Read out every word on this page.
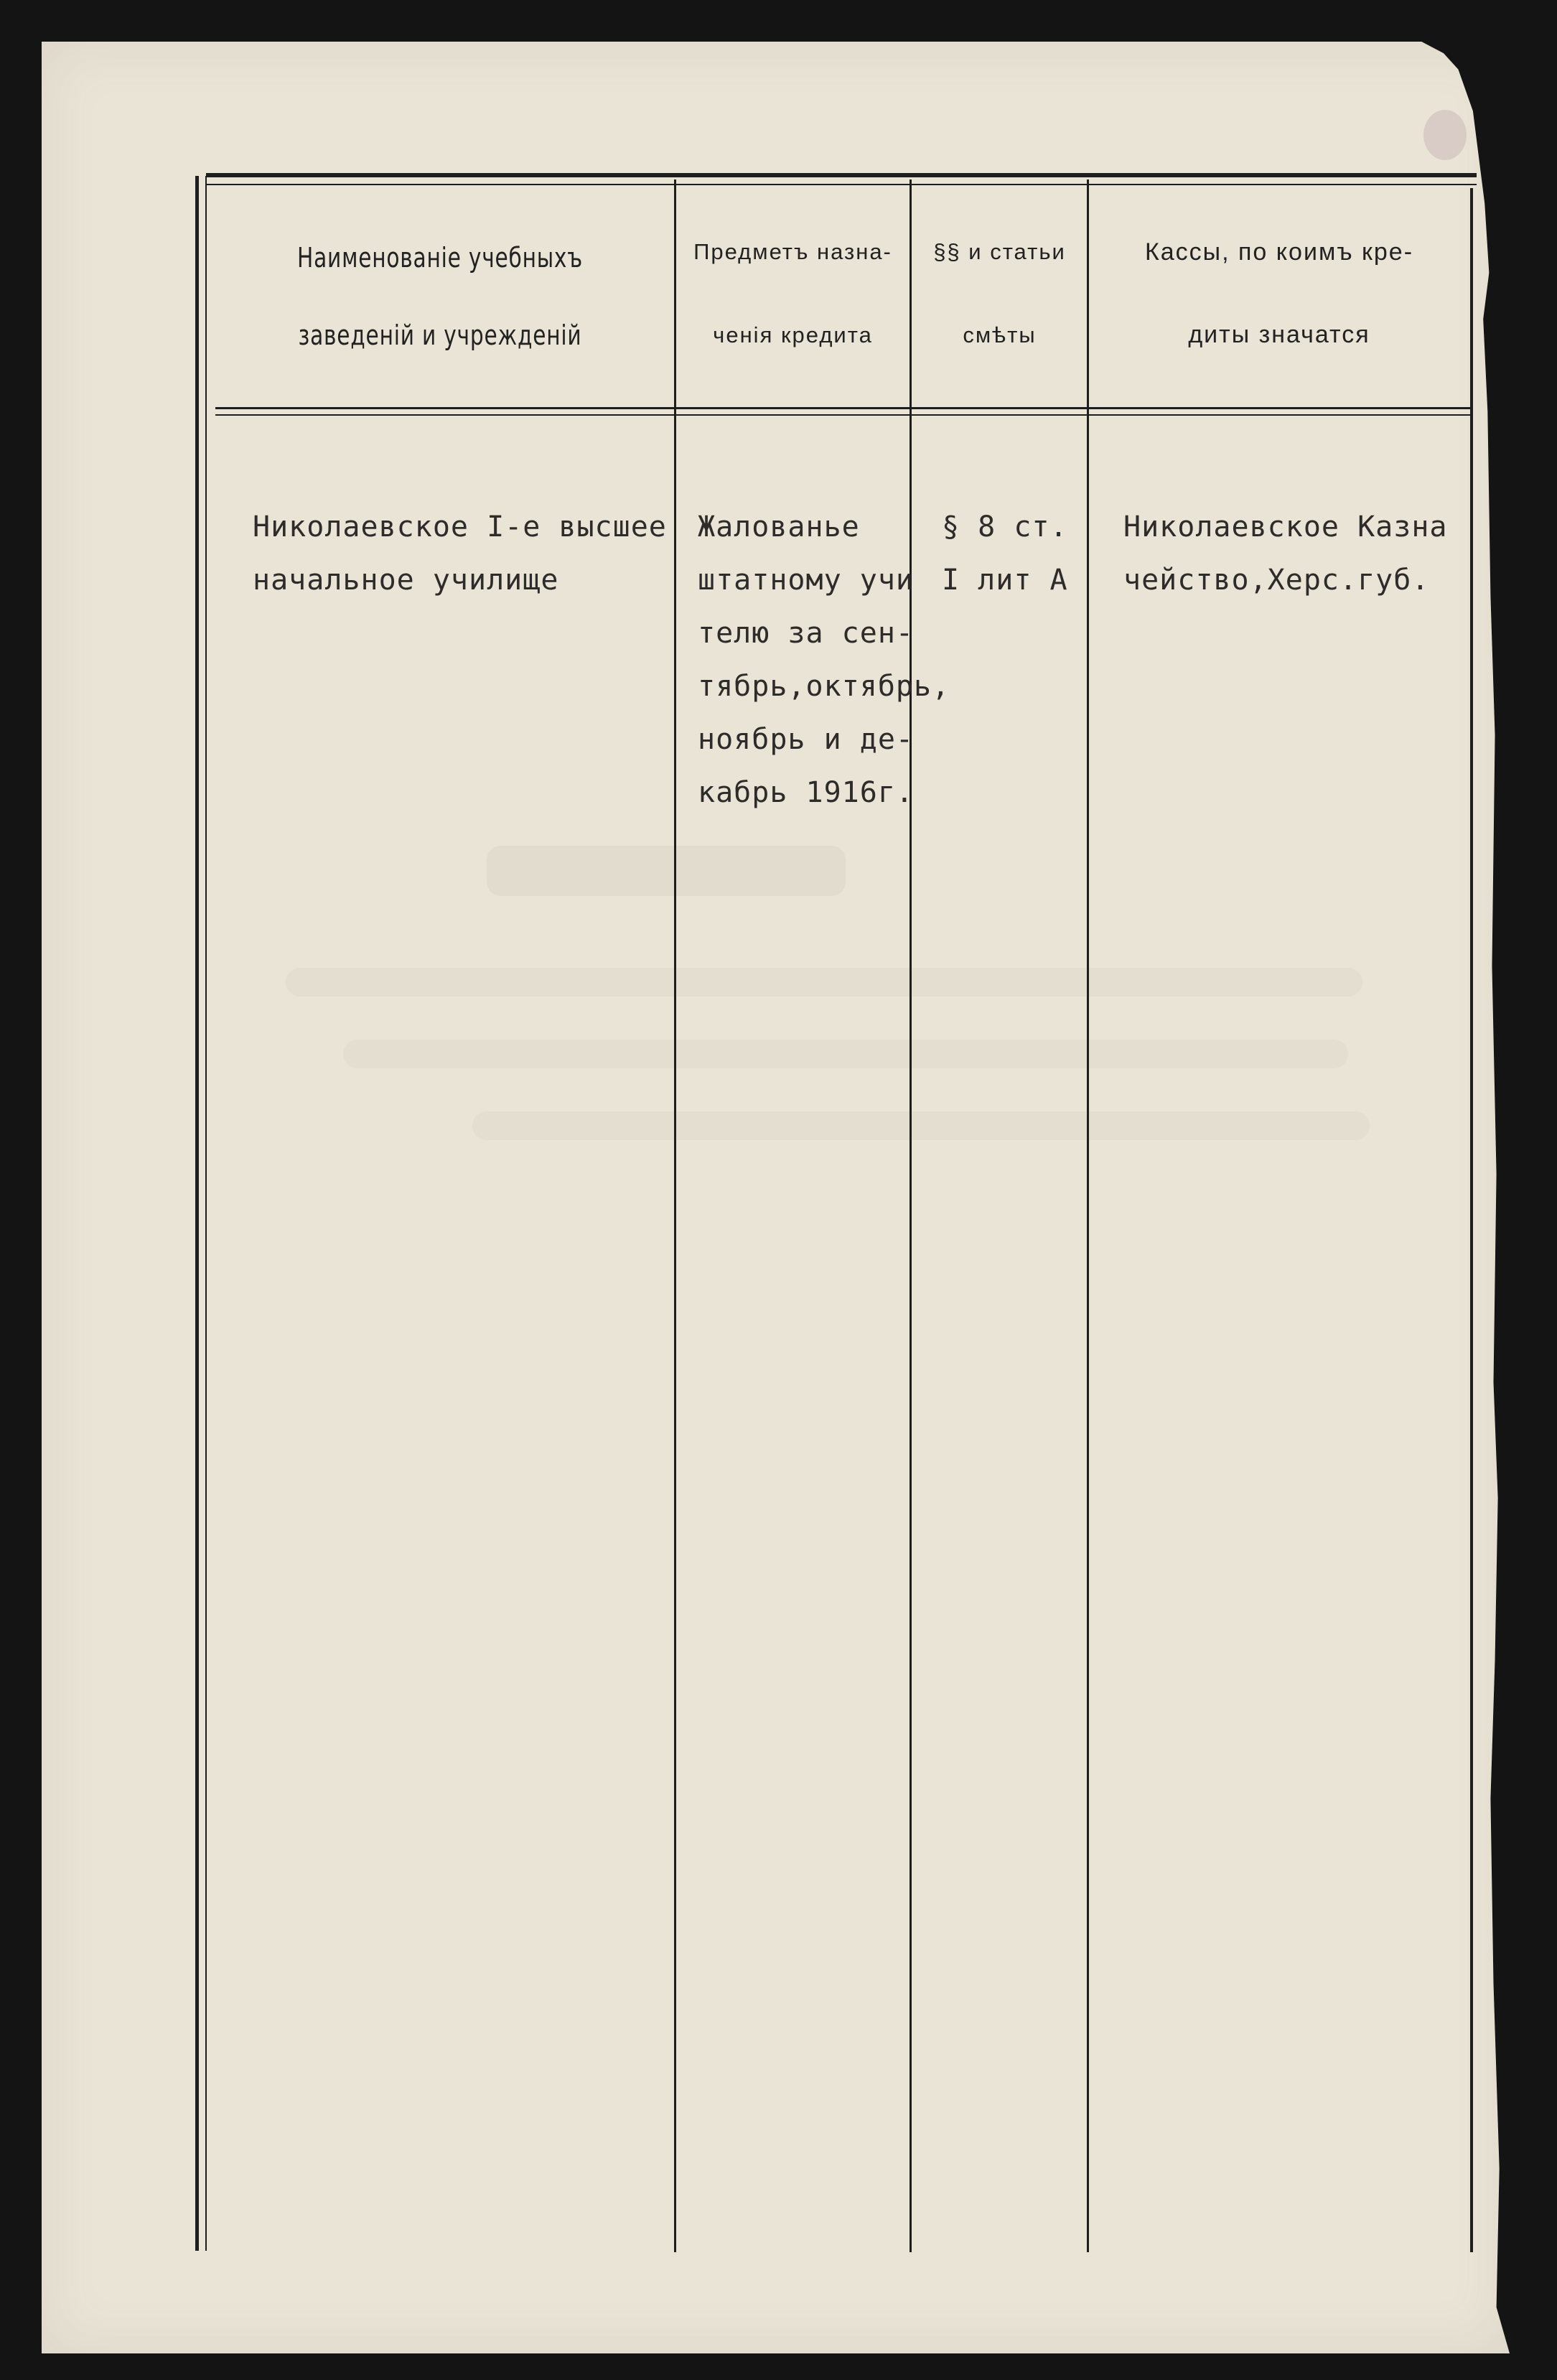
Наименованіе учебныхъ
заведеній и учрежденій
Предметъ назна-
ченія кредита
§§ и статьи
смѣты
Кассы, по коимъ кре-
диты значатся
Николаевское I-е высшее
начальное училище
Жалованье
штатному учи
телю за сен-
тябрь,октябрь,
ноябрь и де-
кабрь 1916г.
§ 8 ст.
I лит А
Николаевское Казна
чейство,Херс.губ.
